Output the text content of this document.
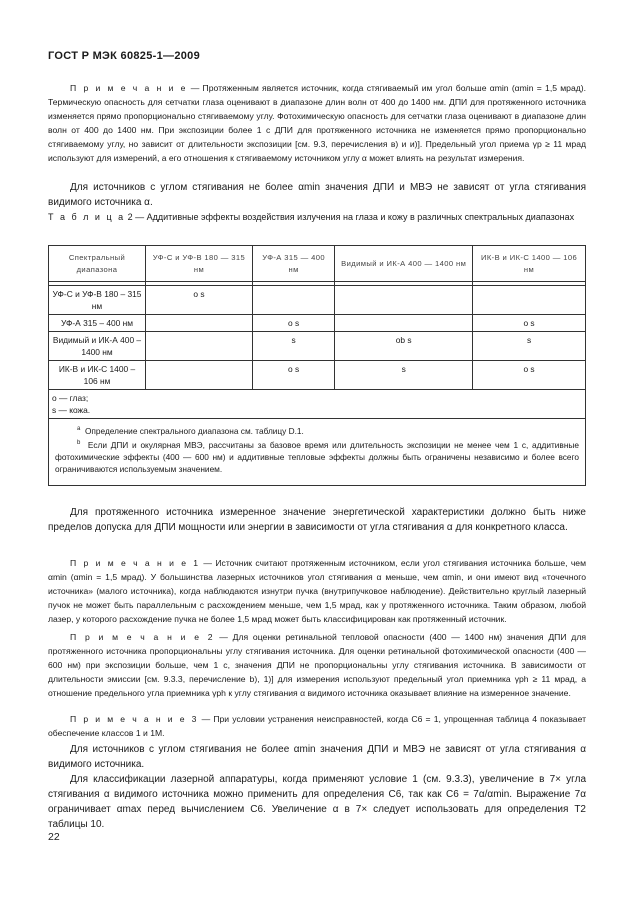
ГОСТ Р МЭК 60825-1—2009
П р и м е ч а н и е — Протяженным является источник, когда стягиваемый им угол больше αmin (αmin = 1,5 мрад). Термическую опасность для сетчатки глаза оценивают в диапазоне длин волн от 400 до 1400 нм. ДПИ для протяженного источника изменяется прямо пропорционально стягиваемому углу. Фотохимическую опасность для сетчатки глаза оценивают в диапазоне длин волн от 400 до 1400 нм. При экспозиции более 1 с ДПИ для протяженного источника не изменяется прямо пропорционально стягиваемому углу, но зависит от длительности экспозиции [см. 9.3, перечисления в) и и)]. Предельный угол приема γp ≥ 11 мрад используют для измерений, а его отношения к стягиваемому источником углу α может влиять на результат измерения.
Для источников с углом стягивания не более αmin значения ДПИ и МВЭ не зависят от угла стягивания видимого источника α.
Т а б л и ц а 2 — Аддитивные эффекты воздействия излучения на глаза и кожу в различных спектральных диапазонах
Спектральный диапазонa	УФ-С и УФ-В 180 — 315 нм	УФ-А 315 — 400 нм	Видимый и ИК-А 400 — 1400 нм	ИК-В и ИК-С 1400 — 106 нм

УФ-С и УФ-В 180 – 315 нм	o s			
УФ-А 315 – 400 нм		o s		o s
Видимый и ИК-А 400 – 1400 нм		s	ob s	s
ИК-В и ИК-С 1400 – 106 нм		o s	s	o s
o — глаз;
s — кожа.				

$^a$ Определение спектрального диапазона см. таблицу D.1.
$^b$ Если ДПИ и окулярная МВЭ, рассчитаны за базовое время или длительность экспозиции не менее чем 1 с, аддитивные фотохимические эффекты (400 — 600 нм) и аддитивные тепловые эффекты должны быть ограничены независимо и более всего ограничиваются используемым значением.				
Для протяженного источника измеренное значение энергетической характеристики должно быть ниже пределов допуска для ДПИ мощности или энергии в зависимости от угла стягивания α для конкретного класса.
П р и м е ч а н и е 1 — Источник считают протяженным источником, если угол стягивания источника больше, чем αmin (αmin = 1,5 мрад). У большинства лазерных источников угол стягивания α меньше, чем αmin, и они имеют вид «точечного источника» (малого источника), когда наблюдаются изнутри пучка (внутрипучковое наблюдение). Действительно круглый лазерный пучок не может быть параллельным с расхождением меньше, чем 1,5 мрад, как у протяженного источника. Таким образом, любой лазер, у которого расхождение пучка не более 1,5 мрад может быть классифицирован как протяженный источник.
П р и м е ч а н и е 2 — Для оценки ретинальной тепловой опасности (400 — 1400 нм) значения ДПИ для протяженного источника пропорциональны углу стягивания источника. Для оценки ретинальной фотохимической опасности (400 — 600 нм) при экспозиции больше, чем 1 с, значения ДПИ не пропорциональны углу стягивания источника. В зависимости от длительности эмиссии [см. 9.3.3, перечисление b), 1)] для измерения используют предельный угол приемника γph ≥ 11 мрад, а отношение предельного угла приемника γph к углу стягивания α видимого источника оказывает влияние на измеренное значение.
П р и м е ч а н и е 3 — При условии устранения неисправностей, когда C6 = 1, упрощенная таблица 4 показывает обеспечение классов 1 и 1М.
Для источников с углом стягивания не более αmin значения ДПИ и МВЭ не зависят от угла стягивания α видимого источника.
Для классификации лазерной аппаратуры, когда применяют условие 1 (см. 9.3.3), увеличение в 7× угла стягивания α видимого источника можно применить для определения C6, так как C6 = 7α/αmin. Выражение 7α ограничивает αmax перед вычислением C6. Увеличение α в 7× следует использовать для определения T2 таблицы 10.
22
